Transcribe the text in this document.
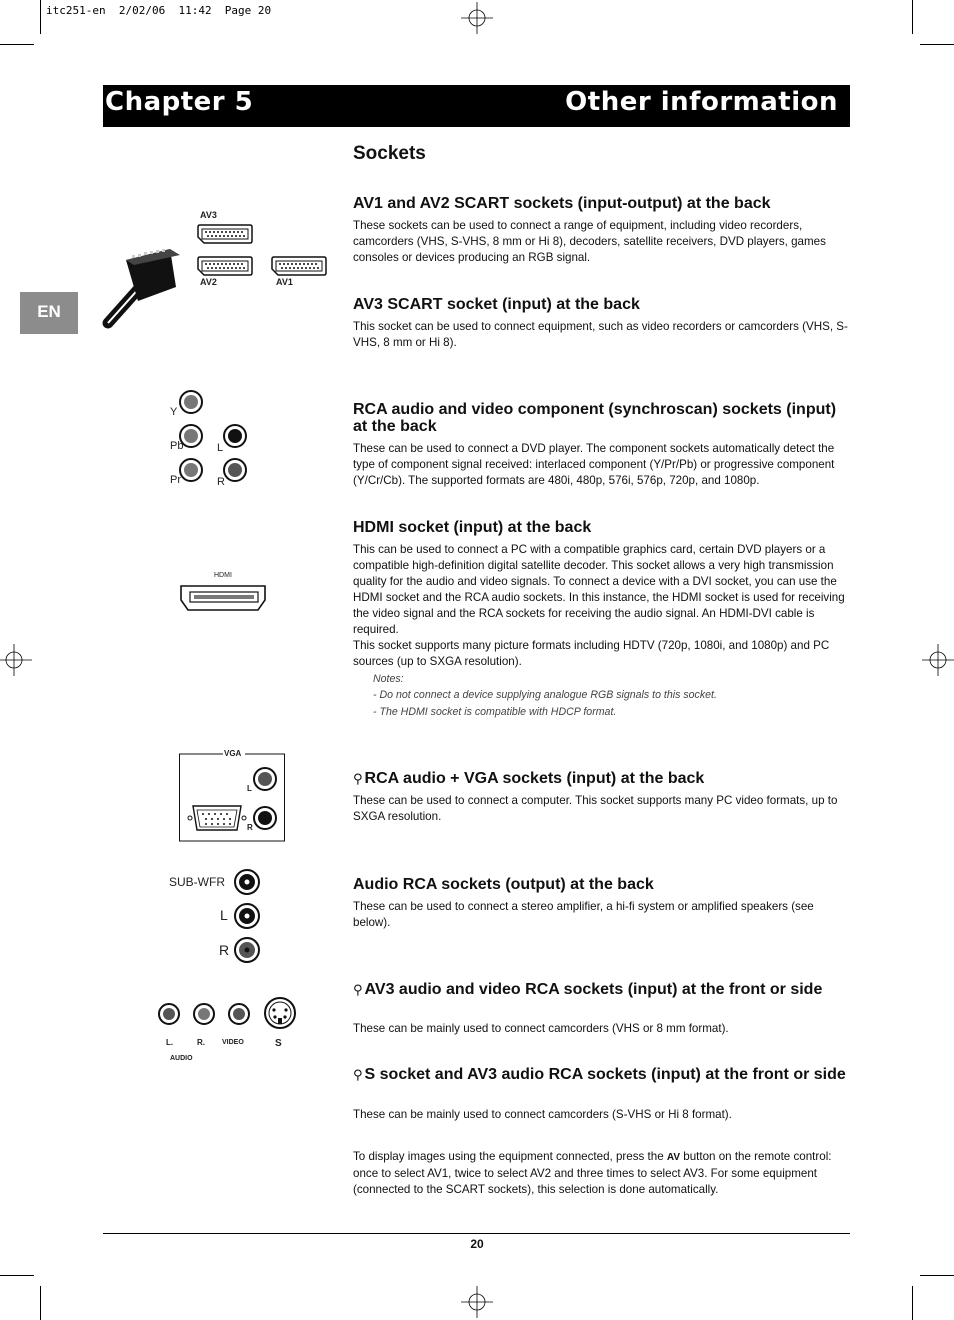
itc251-en  2/02/06  11:42  Page 20
Chapter 5	Other information
EN
Sockets
AV1 and AV2 SCART sockets (input-output) at the back

These sockets can be used to connect a range of equipment, including video recorders, camcorders (VHS, S-VHS, 8 mm or Hi 8), decoders, satellite receivers, DVD players, games consoles or devices producing an RGB signal.

AV3 SCART socket (input) at the back

This socket can be used to connect equipment, such as video recorders or camcorders (VHS, S-VHS, 8 mm or Hi 8).

RCA audio and video component (synchroscan) sockets (input) at the back

These can be used to connect a DVD player. The component sockets automatically detect the type of component signal received: interlaced component (Y/Pr/Pb) or progressive component (Y/Cr/Cb). The supported formats are 480i, 480p, 576i, 576p, 720p, and 1080p.

HDMI socket (input) at the back

This can be used to connect a PC with a compatible graphics card, certain DVD players or a compatible high-definition digital satellite decoder. This socket allows a very high transmission quality for the audio and video signals. To connect a device with a DVI socket, you can use the HDMI socket and the RCA audio sockets. In this instance, the HDMI socket is used for receiving the video signal and the RCA sockets for receiving the audio signal. An HDMI-DVI cable is required.

This socket supports many picture formats including HDTV (720p, 1080i, and 1080p) and PC sources (up to SXGA resolution).

Notes:
- Do not connect a device supplying analogue RGB signals to this socket.
- The HDMI socket is compatible with HDCP format.
⚲ RCA audio + VGA sockets (input) at the back

These can be used to connect a computer. This socket supports many PC video formats, up to SXGA resolution.

Audio RCA sockets (output) at the back

These can be used to connect a stereo amplifier, a hi-fi system or amplified speakers (see below).

⚲ AV3 audio and video RCA sockets (input) at the front or side

These can be mainly used to connect camcorders (VHS or 8 mm format).

⚲ S socket and AV3 audio RCA sockets (input) at the front or side

These can be mainly used to connect camcorders (S-VHS or Hi 8 format).

To display images using the equipment connected, press the AV button on the remote control: once to select AV1, twice to select AV2 and three times to select AV3. For some equipment (connected to the SCART sockets), this selection is done automatically.

AV3
AV2	AV1
Y
Pb
Pr
L
R
HDMI
VGA
L
R
SUB-WFR
L
R
L.	R. VIDEO	S
AUDIO
20
